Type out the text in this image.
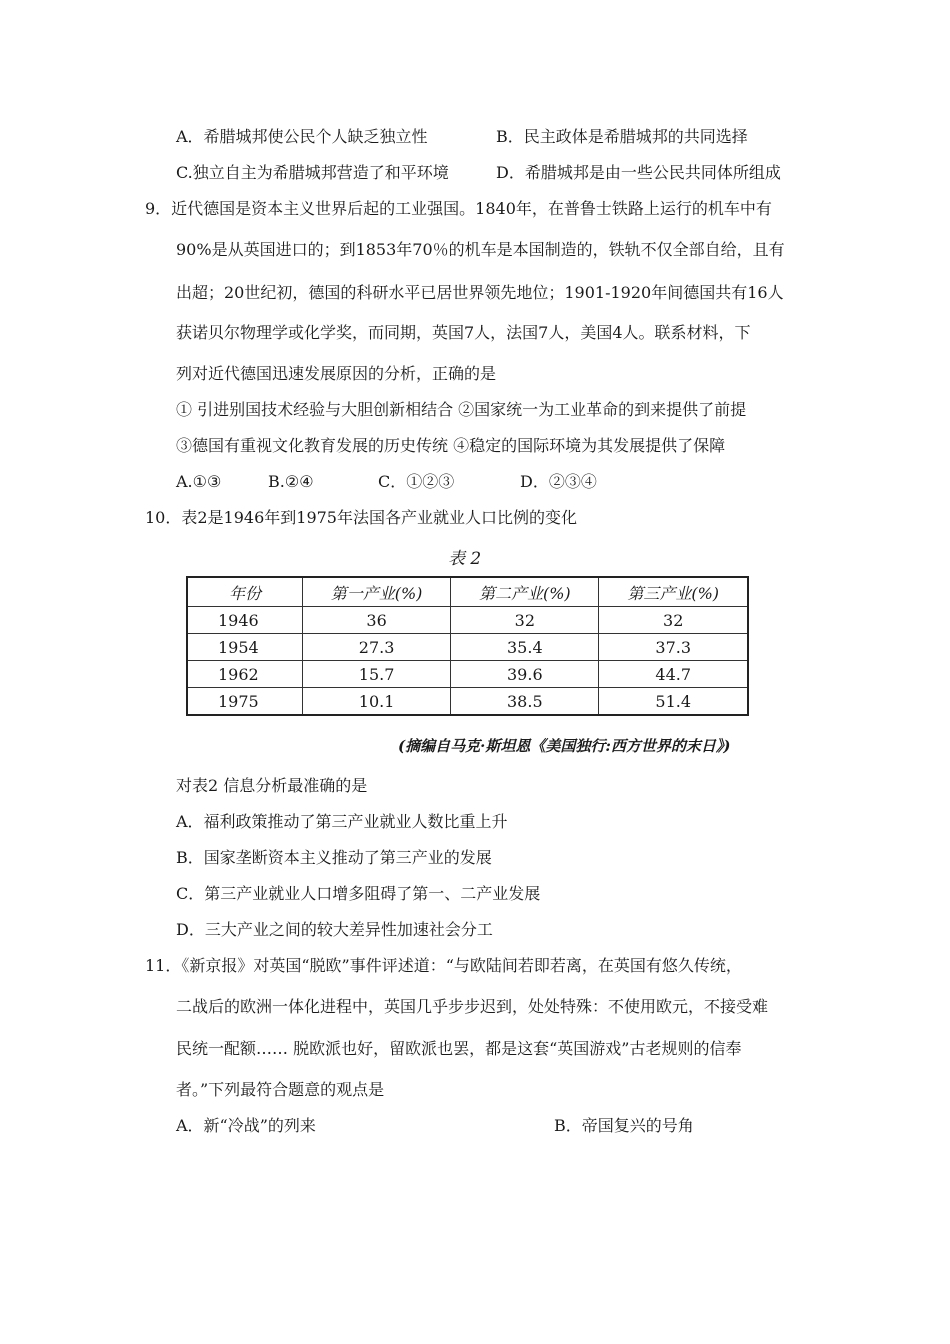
A．希腊城邦使公民个人缺乏独立性	B．民主政体是希腊城邦的共同选择
C.独立自主为希腊城邦营造了和平环境	D．希腊城邦是由一些公民共同体所组成
9．近代德国是资本主义世界后起的工业强国。1840年，在普鲁士铁路上运行的机车中有
90%是从英国进口的；到1853年70％的机车是本国制造的，铁轨不仅全部自给，且有
出超；20世纪初，德国的科研水平已居世界领先地位；1901-1920年间德国共有16人
获诺贝尔物理学或化学奖，而同期，英国7人，法国7人，美国4人。联系材料，下
列对近代德国迅速发展原因的分析，正确的是
① 引进别国技术经验与大胆创新相结合 ②国家统一为工业革命的到来提供了前提
③德国有重视文化教育发展的历史传统 ④稳定的国际环境为其发展提供了保障
A.①③	B.②④	C．①②③	D．②③④
10．表2是1946年到1975年法国各产业就业人口比例的变化
表 2
年份	第一产业(%)	第二产业(%)	第三产业(%)
1946	36	32	32
1954	27.3	35.4	37.3
1962	15.7	39.6	44.7
1975	10.1	38.5	51.4
(摘编自马克·斯坦恩《美国独行:西方世界的末日》)
对表2 信息分析最准确的是
A．福利政策推动了第三产业就业人数比重上升
B．国家垄断资本主义推动了第三产业的发展
C．第三产业就业人口增多阻碍了第一、二产业发展
D．三大产业之间的较大差异性加速社会分工
11．《新京报》对英国“脱欧”事件评述道：“与欧陆间若即若离，在英国有悠久传统，
二战后的欧洲一体化进程中，英国几乎步步迟到，处处特殊：不使用欧元，不接受难
民统一配额…… 脱欧派也好，留欧派也罢，都是这套“英国游戏”古老规则的信奉
者。”下列最符合题意的观点是
A．新“冷战”的列来	B．帝国复兴的号角
